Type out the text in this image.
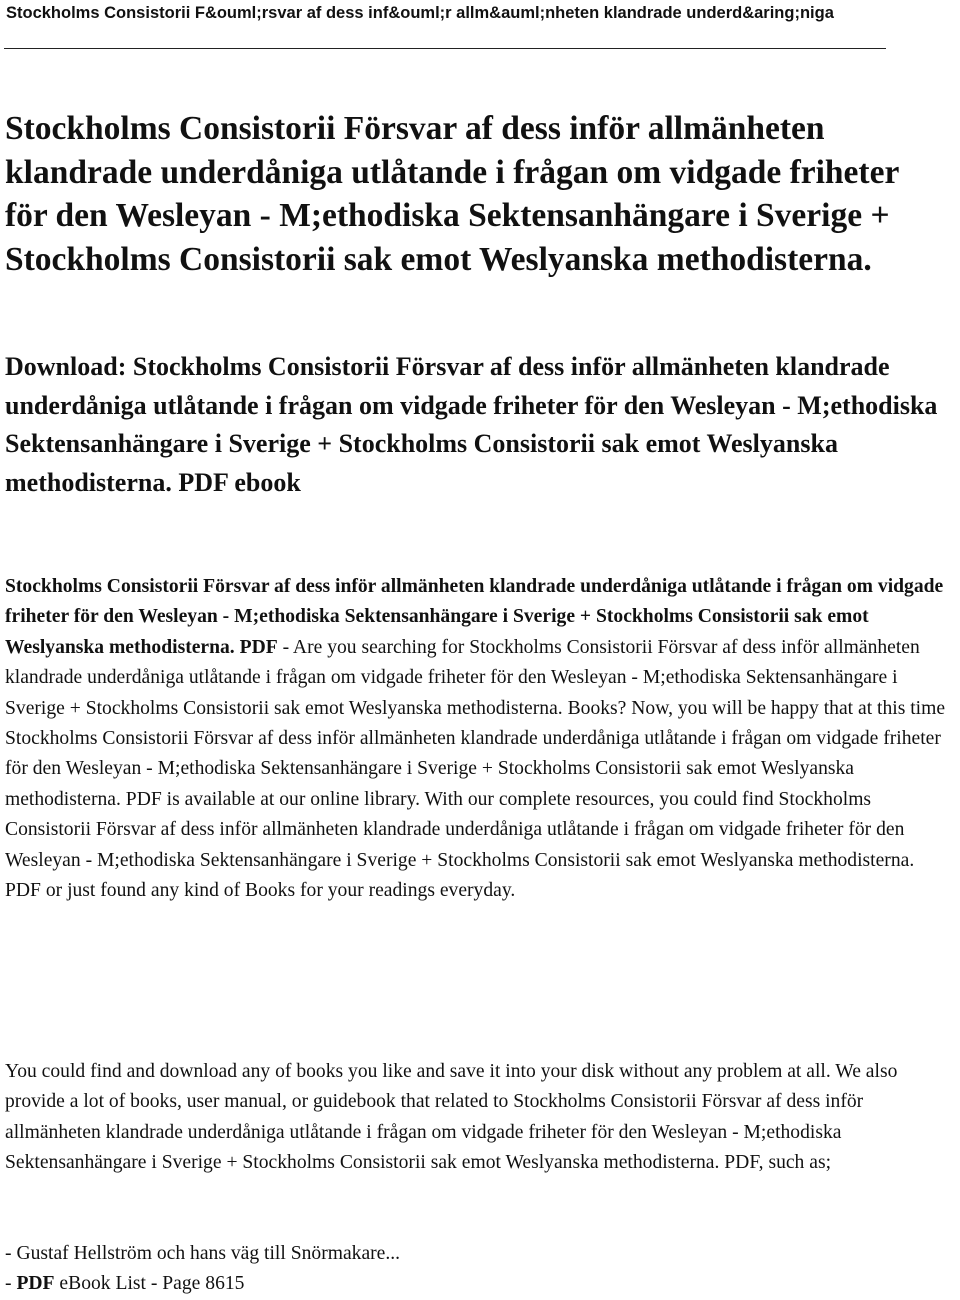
Stockholms Consistorii F&ouml;rsvar af dess inf&ouml;r allm&auml;nheten klandrade underd&aring;niga
Stockholms Consistorii Försvar af dess inför allmänheten klandrade underdåniga utlåtande i frågan om vidgade friheter för den Wesleyan - M;ethodiska Sektensanhängare i Sverige + Stockholms Consistorii sak emot Weslyanska methodisterna.
Download: Stockholms Consistorii Försvar af dess inför allmänheten klandrade underdåniga utlåtande i frågan om vidgade friheter för den Wesleyan - M;ethodiska Sektensanhängare i Sverige + Stockholms Consistorii sak emot Weslyanska methodisterna. PDF ebook

Stockholms Consistorii Försvar af dess inför allmänheten klandrade underdåniga utlåtande i frågan om vidgade friheter för den Wesleyan - M;ethodiska Sektensanhängare i Sverige + Stockholms Consistorii sak emot Weslyanska methodisterna. PDF - Are you searching for Stockholms Consistorii Försvar af dess inför allmänheten klandrade underdåniga utlåtande i frågan om vidgade friheter för den Wesleyan - M;ethodiska Sektensanhängare i Sverige + Stockholms Consistorii sak emot Weslyanska methodisterna. Books? Now, you will be happy that at this time Stockholms Consistorii Försvar af dess inför allmänheten klandrade underdåniga utlåtande i frågan om vidgade friheter för den Wesleyan - M;ethodiska Sektensanhängare i Sverige + Stockholms Consistorii sak emot Weslyanska methodisterna. PDF is available at our online library. With our complete resources, you could find Stockholms Consistorii Försvar af dess inför allmänheten klandrade underdåniga utlåtande i frågan om vidgade friheter för den Wesleyan - M;ethodiska Sektensanhängare i Sverige + Stockholms Consistorii sak emot Weslyanska methodisterna. PDF or just found any kind of Books for your readings everyday.

You could find and download any of books you like and save it into your disk without any problem at all. We also provide a lot of books, user manual, or guidebook that related to Stockholms Consistorii Försvar af dess inför allmänheten klandrade underdåniga utlåtande i frågan om vidgade friheter för den Wesleyan - M;ethodiska Sektensanhängare i Sverige + Stockholms Consistorii sak emot Weslyanska methodisterna. PDF, such as;

- Gustaf Hellström och hans väg till Snörmakare...
- PDF eBook List - Page 8615
